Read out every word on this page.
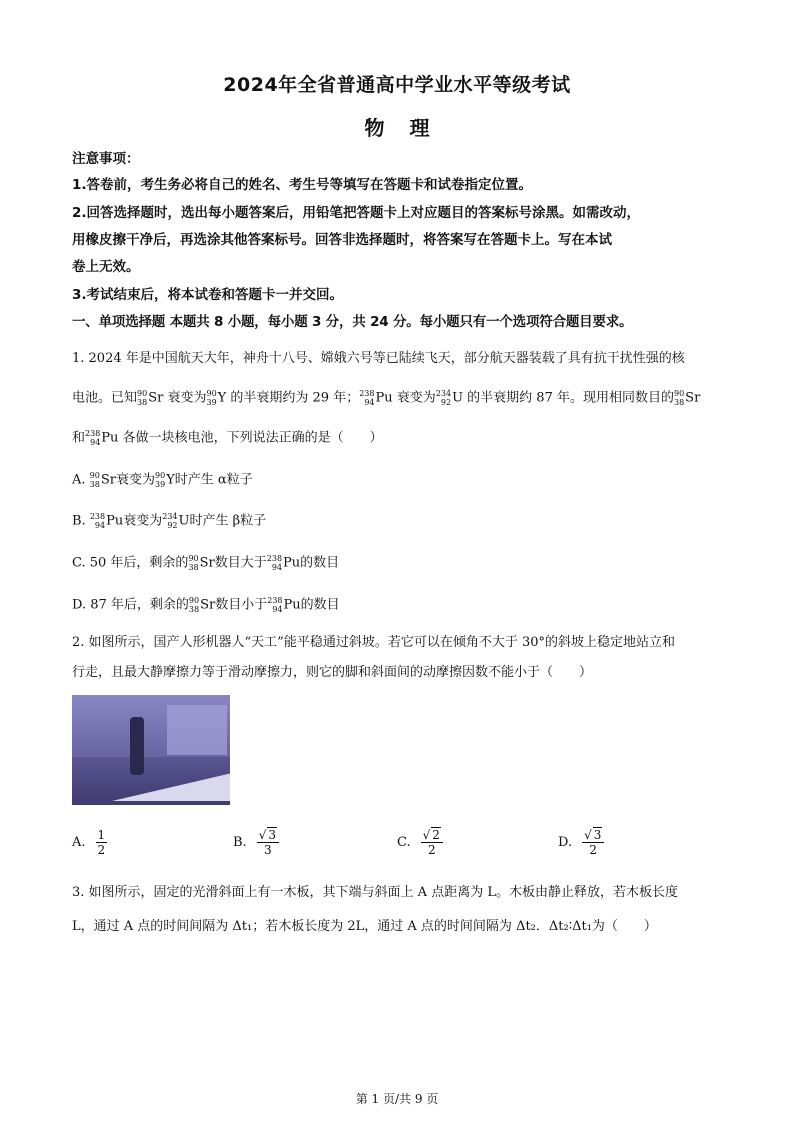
2024年全省普通高中学业水平等级考试
物 理
注意事项：
1.答卷前，考生务必将自己的姓名、考生号等填写在答题卡和试卷指定位置。
2.回答选择题时，选出每小题答案后，用铅笔把答题卡上对应题目的答案标号涂黑。如需改动，
用橡皮擦干净后，再选涂其他答案标号。回答非选择题时，将答案写在答题卡上。写在本试
卷上无效。
3.考试结束后，将本试卷和答题卡一并交回。
一、单项选择题 本题共 8 小题，每小题 3 分，共 24 分。每小题只有一个选项符合题目要求。
1. 2024 年是中国航天大年，神舟十八号、嫦娥六号等已陆续飞天，部分航天器装载了具有抗干扰性强的核
电池。已知 90
38 Sr 衰变为 90
39 Y 的半衰期约为 29 年； 238
94 Pu 衰变为 234
92 U 的半衰期约 87 年。现用相同数目的 90
38 Sr
和 238
94 Pu 各做一块核电池，下列说法正确的是（　　）
A. 90
38 Sr衰变为 90
39 Y时产生 α粒子
B. 238
94 Pu衰变为 234
92 U时产生 β粒子
C. 50 年后，剩余的 90
38 Sr数目大于 238
94 Pu的数目
D. 87 年后，剩余的 90
38 Sr数目小于 238
94 Pu的数目
2. 如图所示，国产人形机器人“天工”能平稳通过斜坡。若它可以在倾角不大于 30°的斜坡上稳定地站立和
行走，且最大静摩擦力等于滑动摩擦力，则它的脚和斜面间的动摩擦因数不能小于（　　）
A. $\frac{1}{2}$	B. $\frac{√ 3}{3}$	C. $\frac{√ 2}{2}$	D. $\frac{√ 3}{2}$
3. 如图所示，固定的光滑斜面上有一木板，其下端与斜面上 A 点距离为 L。木板由静止释放，若木板长度
L，通过 A 点的时间间隔为 Δt₁；若木板长度为 2L，通过 A 点的时间间隔为 Δt₂．Δt₂∶Δt₁为（　　）
第 1 页/共 9 页
